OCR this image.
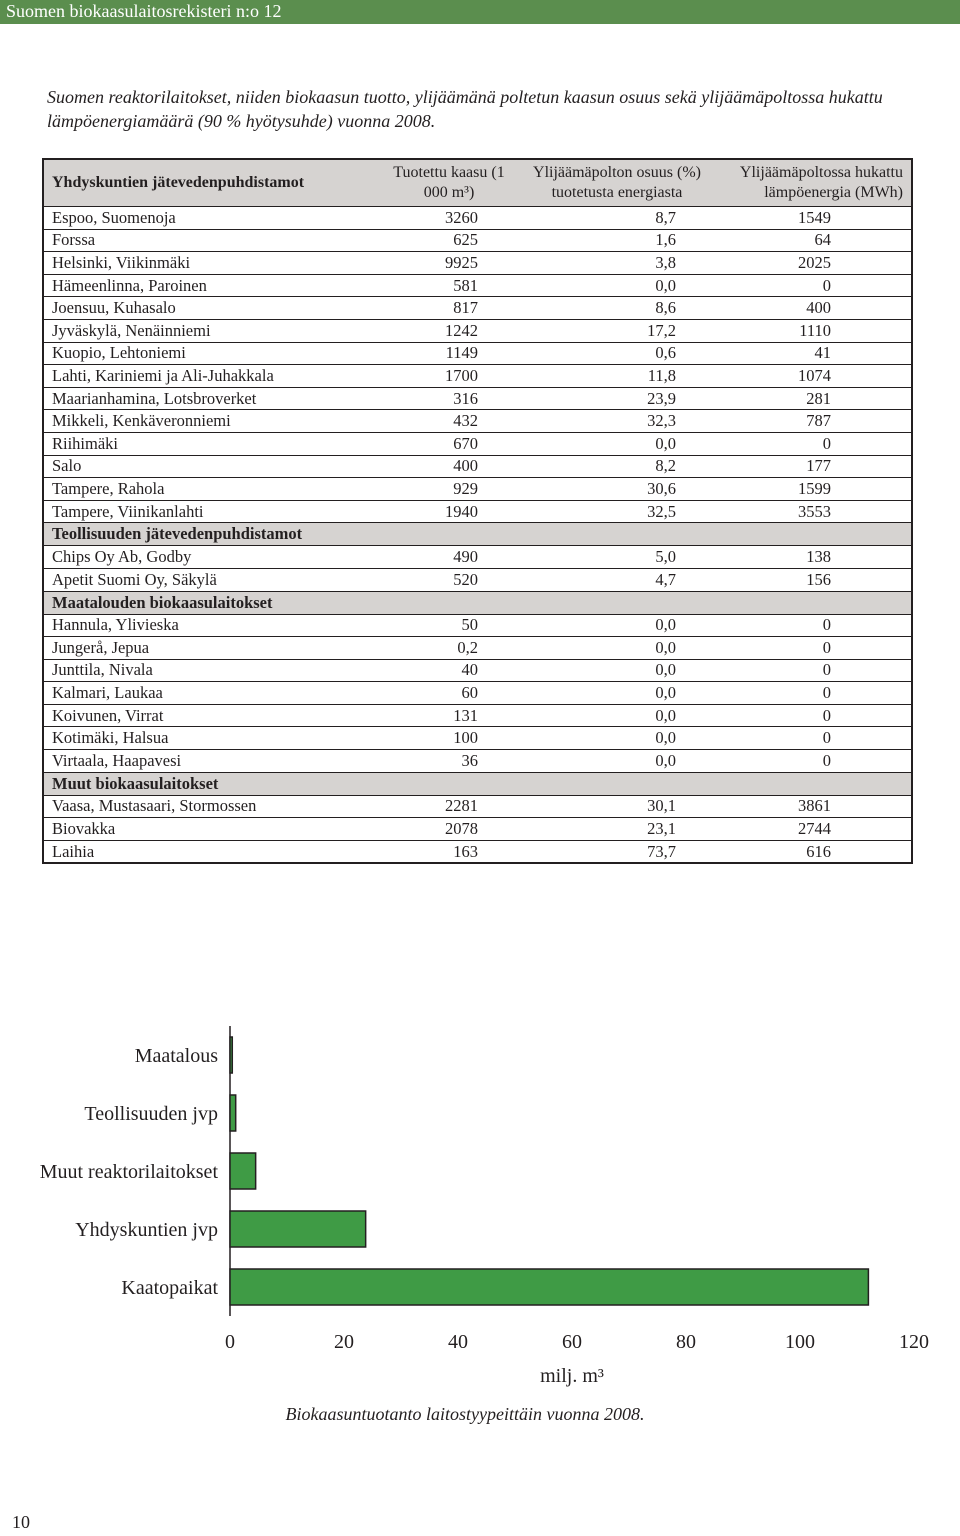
Suomen biokaasulaitosrekisteri n:o 12
Suomen reaktorilaitokset, niiden biokaasun tuotto, ylijäämänä poltetun kaasun osuus sekä ylijäämäpoltossa hukattu lämpöenergiamäärä (90 % hyötysuhde) vuonna 2008.
Yhdyskuntien jätevedenpuhdistamot	Tuotettu kaasu (1 000 m³)	Ylijäämäpolton osuus (%) tuotetusta energiasta	Ylijäämäpoltossa hukattu lämpöenergia (MWh)
Espoo, Suomenoja	3260	8,7	1549
Forssa	625	1,6	64
Helsinki, Viikinmäki	9925	3,8	2025
Hämeenlinna, Paroinen	581	0,0	0
Joensuu, Kuhasalo	817	8,6	400
Jyväskylä, Nenäinniemi	1242	17,2	1110
Kuopio, Lehtoniemi	1149	0,6	41
Lahti, Kariniemi ja Ali-Juhakkala	1700	11,8	1074
Maarianhamina, Lotsbroverket	316	23,9	281
Mikkeli, Kenkäveronniemi	432	32,3	787
Riihimäki	670	0,0	0
Salo	400	8,2	177
Tampere, Rahola	929	30,6	1599
Tampere, Viinikanlahti	1940	32,5	3553
Teollisuuden jätevedenpuhdistamot			
Chips Oy Ab, Godby	490	5,0	138
Apetit Suomi Oy, Säkylä	520	4,7	156
Maatalouden biokaasulaitokset			
Hannula, Ylivieska	50	0,0	0
Jungerå, Jepua	0,2	0,0	0
Junttila, Nivala	40	0,0	0
Kalmari, Laukaa	60	0,0	0
Koivunen, Virrat	131	0,0	0
Kotimäki, Halsua	100	0,0	0
Virtaala, Haapavesi	36	0,0	0
Muut biokaasulaitokset			
Vaasa, Mustasaari, Stormossen	2281	30,1	3861
Biovakka	2078	23,1	2744
Laihia	163	73,7	616
Maatalous
Teollisuuden jvp
Muut reaktorilaitokset
Yhdyskuntien jvp
Kaatopaikat
0	20	40	60	80	100	120
milj. m³
Biokaasuntuotanto laitostyypeittäin vuonna 2008.
10
